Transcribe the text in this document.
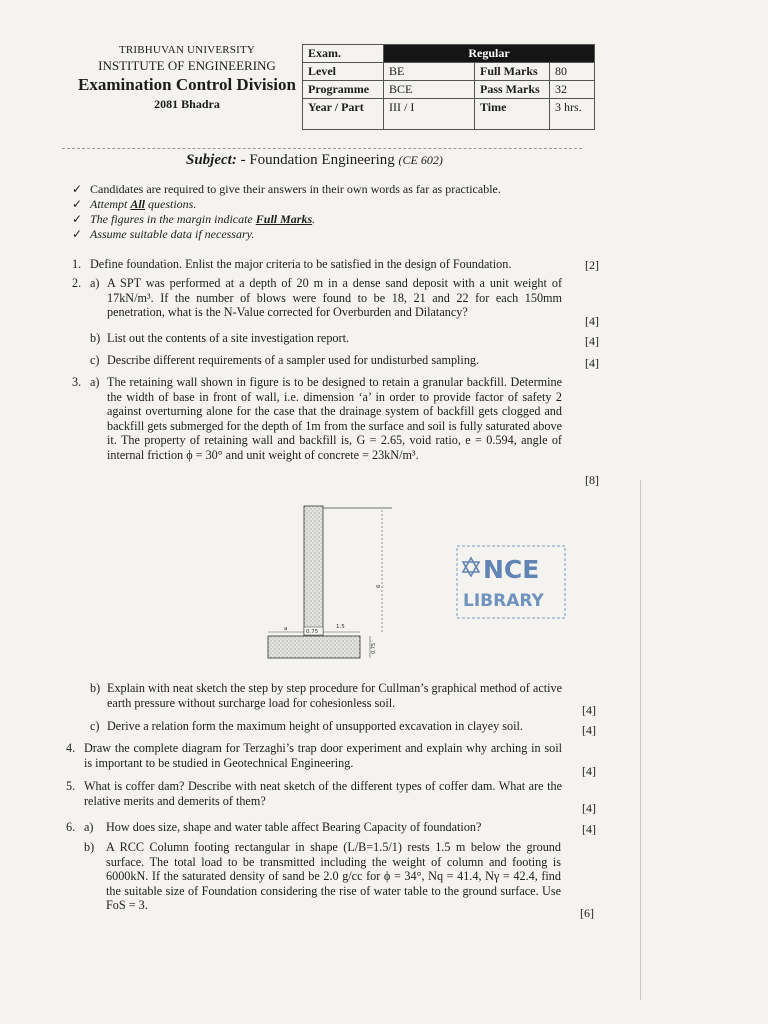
TRIBHUVAN UNIVERSITY
INSTITUTE OF ENGINEERING
Examination Control Division
2081 Bhadra
Exam.	Regular		
Level	BE	Full Marks	80
Programme	BCE	Pass Marks	32
Year / Part	III / I	Time	3 hrs.
Subject: - Foundation Engineering (CE 602)
✓ Candidates are required to give their answers in their own words as far as practicable.
✓ Attempt All questions.
✓ The figures in the margin indicate Full Marks.
✓ Assume suitable data if necessary.
1. Define foundation. Enlist the major criteria to be satisfied in the design of Foundation.	[2]
2. a) A SPT was performed at a depth of 20 m in a dense sand deposit with a unit weight of 17kN/m³. If the number of blows were found to be 18, 21 and 22 for each 150mm penetration, what is the N-Value corrected for Overburden and Dilatancy?
[4]
b) List out the contents of a site investigation report.	[4]
c) Describe different requirements of a sampler used for undisturbed sampling.	[4]
3. a) The retaining wall shown in figure is to be designed to retain a granular backfill. Determine the width of base in front of wall, i.e. dimension ‘a’ in order to provide factor of safety 2 against overturning alone for the case that the drainage system of backfill gets clogged and backfill gets submerged for the depth of 1m from the surface and soil is fully saturated above it. The property of retaining wall and backfill is, G = 2.65, void ratio, e = 0.594, angle of internal friction ϕ = 30° and unit weight of concrete = 23kN/m³.
[8]
6
a	0.75
1.5
0.75
NCE
LIBRARY
b) Explain with neat sketch the step by step procedure for Cullman’s graphical method of active earth pressure without surcharge load for cohesionless soil.
[4]
c) Derive a relation form the maximum height of unsupported excavation in clayey soil.	[4]
4. Draw the complete diagram for Terzaghi’s trap door experiment and explain why arching in soil is important to be studied in Geotechnical Engineering.
[4]
5. What is coffer dam? Describe with neat sketch of the different types of coffer dam. What are the relative merits and demerits of them?
[4]
6. a) How does size, shape and water table affect Bearing Capacity of foundation?	[4]
b) A RCC Column footing rectangular in shape (L/B=1.5/1) rests 1.5 m below the ground surface. The total load to be transmitted including the weight of column and footing is 6000kN. If the saturated density of sand be 2.0 g/cc for ϕ = 34°, Nq = 41.4, Nγ = 42.4, find the suitable size of Foundation considering the rise of water table to the ground surface. Use FoS = 3.
[6]
